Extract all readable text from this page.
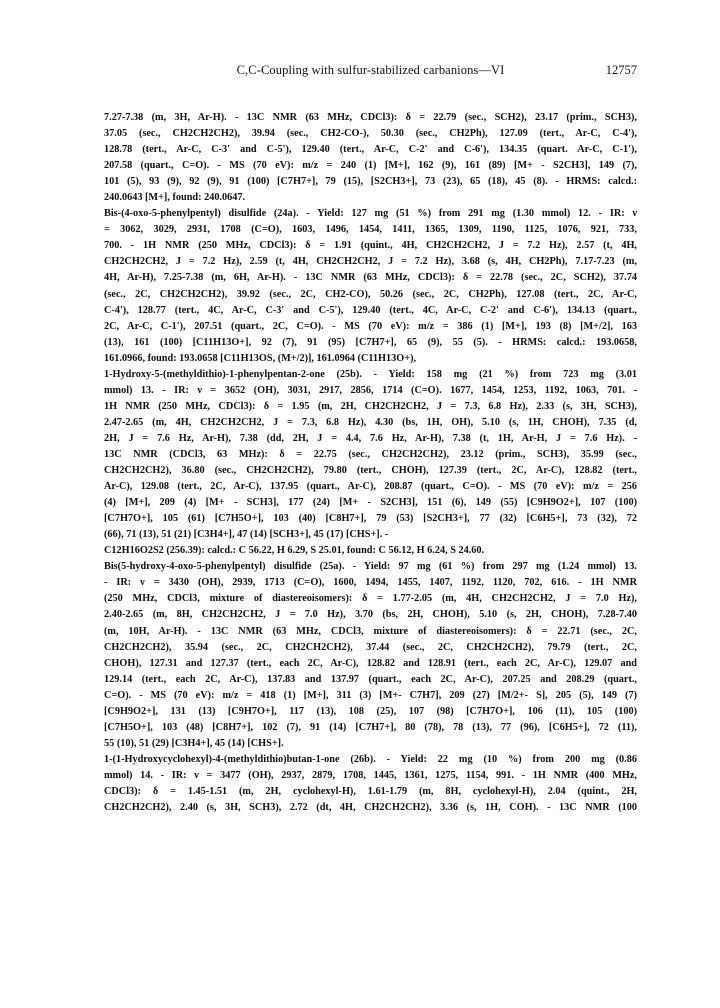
C,C-Coupling with sulfur-stabilized carbanions—VI	12757
7.27-7.38 (m, 3H, Ar-H). - 13C NMR (63 MHz, CDCl3): δ = 22.79 (sec., SCH2), 23.17 (prim., SCH3),
37.05 (sec., CH2CH2CH2), 39.94 (sec., CH2-CO-), 50.30 (sec., CH2Ph), 127.09 (tert., Ar-C, C-4'),
128.78 (tert., Ar-C, C-3' and C-5'), 129.40 (tert., Ar-C, C-2' and C-6'), 134.35 (quart. Ar-C, C-1'),
207.58 (quart., C=O). - MS (70 eV): m/z = 240 (1) [M+], 162 (9), 161 (89) [M+ - S2CH3], 149 (7),
101 (5), 93 (9), 92 (9), 91 (100) [C7H7+], 79 (15), [S2CH3+], 73 (23), 65 (18), 45 (8). - HRMS: calcd.:
240.0643 [M+], found: 240.0647.
Bis-(4-oxo-5-phenylpentyl) disulfide (24a). - Yield: 127 mg (51 %) from 291 mg (1.30 mmol) 12. - IR: ν
= 3062, 3029, 2931, 1708 (C=O), 1603, 1496, 1454, 1411, 1365, 1309, 1190, 1125, 1076, 921, 733,
700. - 1H NMR (250 MHz, CDCl3): δ = 1.91 (quint., 4H, CH2CH2CH2, J = 7.2 Hz), 2.57 (t, 4H,
CH2CH2CH2, J = 7.2 Hz), 2.59 (t, 4H, CH2CH2CH2, J = 7.2 Hz), 3.68 (s, 4H, CH2Ph), 7.17-7.23 (m,
4H, Ar-H), 7.25-7.38 (m, 6H, Ar-H). - 13C NMR (63 MHz, CDCl3): δ = 22.78 (sec., 2C, SCH2), 37.74
(sec., 2C, CH2CH2CH2), 39.92 (sec., 2C, CH2-CO), 50.26 (sec., 2C, CH2Ph), 127.08 (tert., 2C, Ar-C,
C-4'), 128.77 (tert., 4C, Ar-C, C-3' and C-5'), 129.40 (tert., 4C, Ar-C, C-2' and C-6'), 134.13 (quart.,
2C, Ar-C, C-1'), 207.51 (quart., 2C, C=O). - MS (70 eV): m/z = 386 (1) [M+], 193 (8) [M+/2], 163
(13), 161 (100) [C11H13O+], 92 (7), 91 (95) [C7H7+], 65 (9), 55 (5). - HRMS: calcd.: 193.0658,
161.0966, found: 193.0658 [C11H13OS, (M+/2)], 161.0964 (C11H13O+),
1-Hydroxy-5-(methyldithio)-1-phenylpentan-2-one (25b). - Yield: 158 mg (21 %) from 723 mg (3.01
mmol) 13. - IR: ν = 3652 (OH), 3031, 2917, 2856, 1714 (C=O). 1677, 1454, 1253, 1192, 1063, 701. -
1H NMR (250 MHz, CDCl3): δ = 1.95 (m, 2H, CH2CH2CH2, J = 7.3, 6.8 Hz), 2.33 (s, 3H, SCH3),
2.47-2.65 (m, 4H, CH2CH2CH2, J = 7.3, 6.8 Hz), 4.30 (bs, 1H, OH), 5.10 (s, 1H, CHOH), 7.35 (d,
2H, J = 7.6 Hz, Ar-H), 7.38 (dd, 2H, J = 4.4, 7.6 Hz, Ar-H), 7.38 (t, 1H, Ar-H, J = 7.6 Hz). -
13C NMR (CDCl3, 63 MHz): δ = 22.75 (sec., CH2CH2CH2), 23.12 (prim., SCH3), 35.99 (sec.,
CH2CH2CH2), 36.80 (sec., CH2CH2CH2), 79.80 (tert., CHOH), 127.39 (tert., 2C, Ar-C), 128.82 (tert.,
Ar-C), 129.08 (tert., 2C, Ar-C), 137.95 (quart., Ar-C), 208.87 (quart., C=O). - MS (70 eV): m/z = 256
(4) [M+], 209 (4) [M+ - SCH3], 177 (24) [M+ - S2CH3], 151 (6), 149 (55) [C9H9O2+], 107 (100)
[C7H7O+], 105 (61) [C7H5O+], 103 (40) [C8H7+], 79 (53) [S2CH3+], 77 (32) [C6H5+], 73 (32), 72
(66), 71 (13), 51 (21) [C3H4+], 47 (14) [SCH3+], 45 (17) [CHS+]. -
C12H16O2S2 (256.39): calcd.: C 56.22, H 6.29, S 25.01, found: C 56.12, H 6.24, S 24.60.
Bis(5-hydroxy-4-oxo-5-phenylpentyl) disulfide (25a). - Yield: 97 mg (61 %) from 297 mg (1.24 mmol) 13.
- IR: ν = 3430 (OH), 2939, 1713 (C=O), 1600, 1494, 1455, 1407, 1192, 1120, 702, 616. - 1H NMR
(250 MHz, CDCl3, mixture of diastereoisomers): δ = 1.77-2.05 (m, 4H, CH2CH2CH2, J = 7.0 Hz),
2.40-2.65 (m, 8H, CH2CH2CH2, J = 7.0 Hz), 3.70 (bs, 2H, CHOH), 5.10 (s, 2H, CHOH), 7.28-7.40
(m, 10H, Ar-H). - 13C NMR (63 MHz, CDCl3, mixture of diastereoisomers): δ = 22.71 (sec., 2C,
CH2CH2CH2), 35.94 (sec., 2C, CH2CH2CH2), 37.44 (sec., 2C, CH2CH2CH2), 79.79 (tert., 2C,
CHOH), 127.31 and 127.37 (tert., each 2C, Ar-C), 128.82 and 128.91 (tert., each 2C, Ar-C), 129.07 and
129.14 (tert., each 2C, Ar-C), 137.83 and 137.97 (quart., each 2C, Ar-C), 207.25 and 208.29 (quart.,
C=O). - MS (70 eV): m/z = 418 (1) [M+], 311 (3) [M+- C7H7], 209 (27) [M/2+- S], 205 (5), 149 (7)
[C9H9O2+], 131 (13) [C9H7O+], 117 (13), 108 (25), 107 (98) [C7H7O+], 106 (11), 105 (100)
[C7H5O+], 103 (48) [C8H7+], 102 (7), 91 (14) [C7H7+], 80 (78), 78 (13), 77 (96), [C6H5+], 72 (11),
55 (10), 51 (29) [C3H4+], 45 (14) [CHS+].
1-(1-Hydroxycyclohexyl)-4-(methyldithio)butan-1-one (26b). - Yield: 22 mg (10 %) from 200 mg (0.86
mmol) 14. - IR: ν = 3477 (OH), 2937, 2879, 1708, 1445, 1361, 1275, 1154, 991. - 1H NMR (400 MHz,
CDCl3): δ = 1.45-1.51 (m, 2H, cyclohexyl-H), 1.61-1.79 (m, 8H, cyclohexyl-H), 2.04 (quint., 2H,
CH2CH2CH2), 2.40 (s, 3H, SCH3), 2.72 (dt, 4H, CH2CH2CH2), 3.36 (s, 1H, COH). - 13C NMR (100
